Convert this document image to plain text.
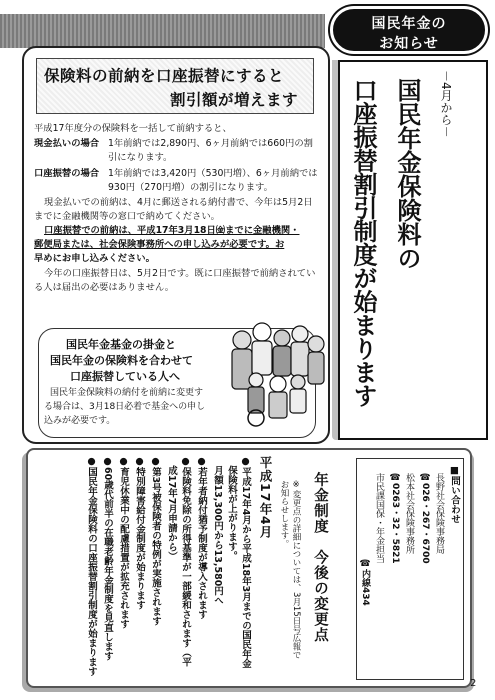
国民年金の
お知らせ
保険料の前納を口座振替にすると
割引額が増えます
平成17年度分の保険料を一括して前納すると、
現金払いの場合 1年前納では2,890円、6ヶ月前納では660円の割
引になります。
口座振替の場合 1年前納では3,420円（530円増）、6ヶ月前納では
930円（270円増）の割引になります。
現金払いでの前納は、4月に郵送される納付書で、今年は5月2日
までに金融機関等の窓口で納めてください。
口座振替での前納は、平成17年3月18日㈮までに金融機関・
郵便局または、社会保険事務所への申し込みが必要です。お
早めにお申し込みください。
今年の口座振替日は、5月2日です。既に口座振替で前納されてい
る人は届出の必要はありません。
国民年金基金の掛金と
国民年金の保険料を合わせて
口座振替している人へ
国民年金保険料の納付を前納に変更す
る場合は、3月18日必着で基金への申し
込みが必要です。
－4月から－
国民年金保険料の
口座振替割引制度が始まります
年金制度　今後の変更点
※変更点の詳細については、3月15日号広報で
お知らせします。
平成17年4月
●平成17年4月から平成18年3月までの国民年金
　保険料が上がります。
　月額13,300円から13,580円へ
●若年者納付猶予制度が導入されます
●保険料免除の所得基準が一部緩和されます（平
　成17年7月申請から）
●第3号被保険者の特例が実施されます
●特別障害給付金制度が始まります
●育児休業中の配慮措置が拡充されます
●60歳代前半の在職老齢年金制度を見直します
●国民年金保険料の口座振替割引制度が始まります	■問い合わせ
長野社会保険事務局
☎026・267・6700
松本社会保険事務所
☎0263・32・5821
市民課国保・年金担当
☎内線434
2
